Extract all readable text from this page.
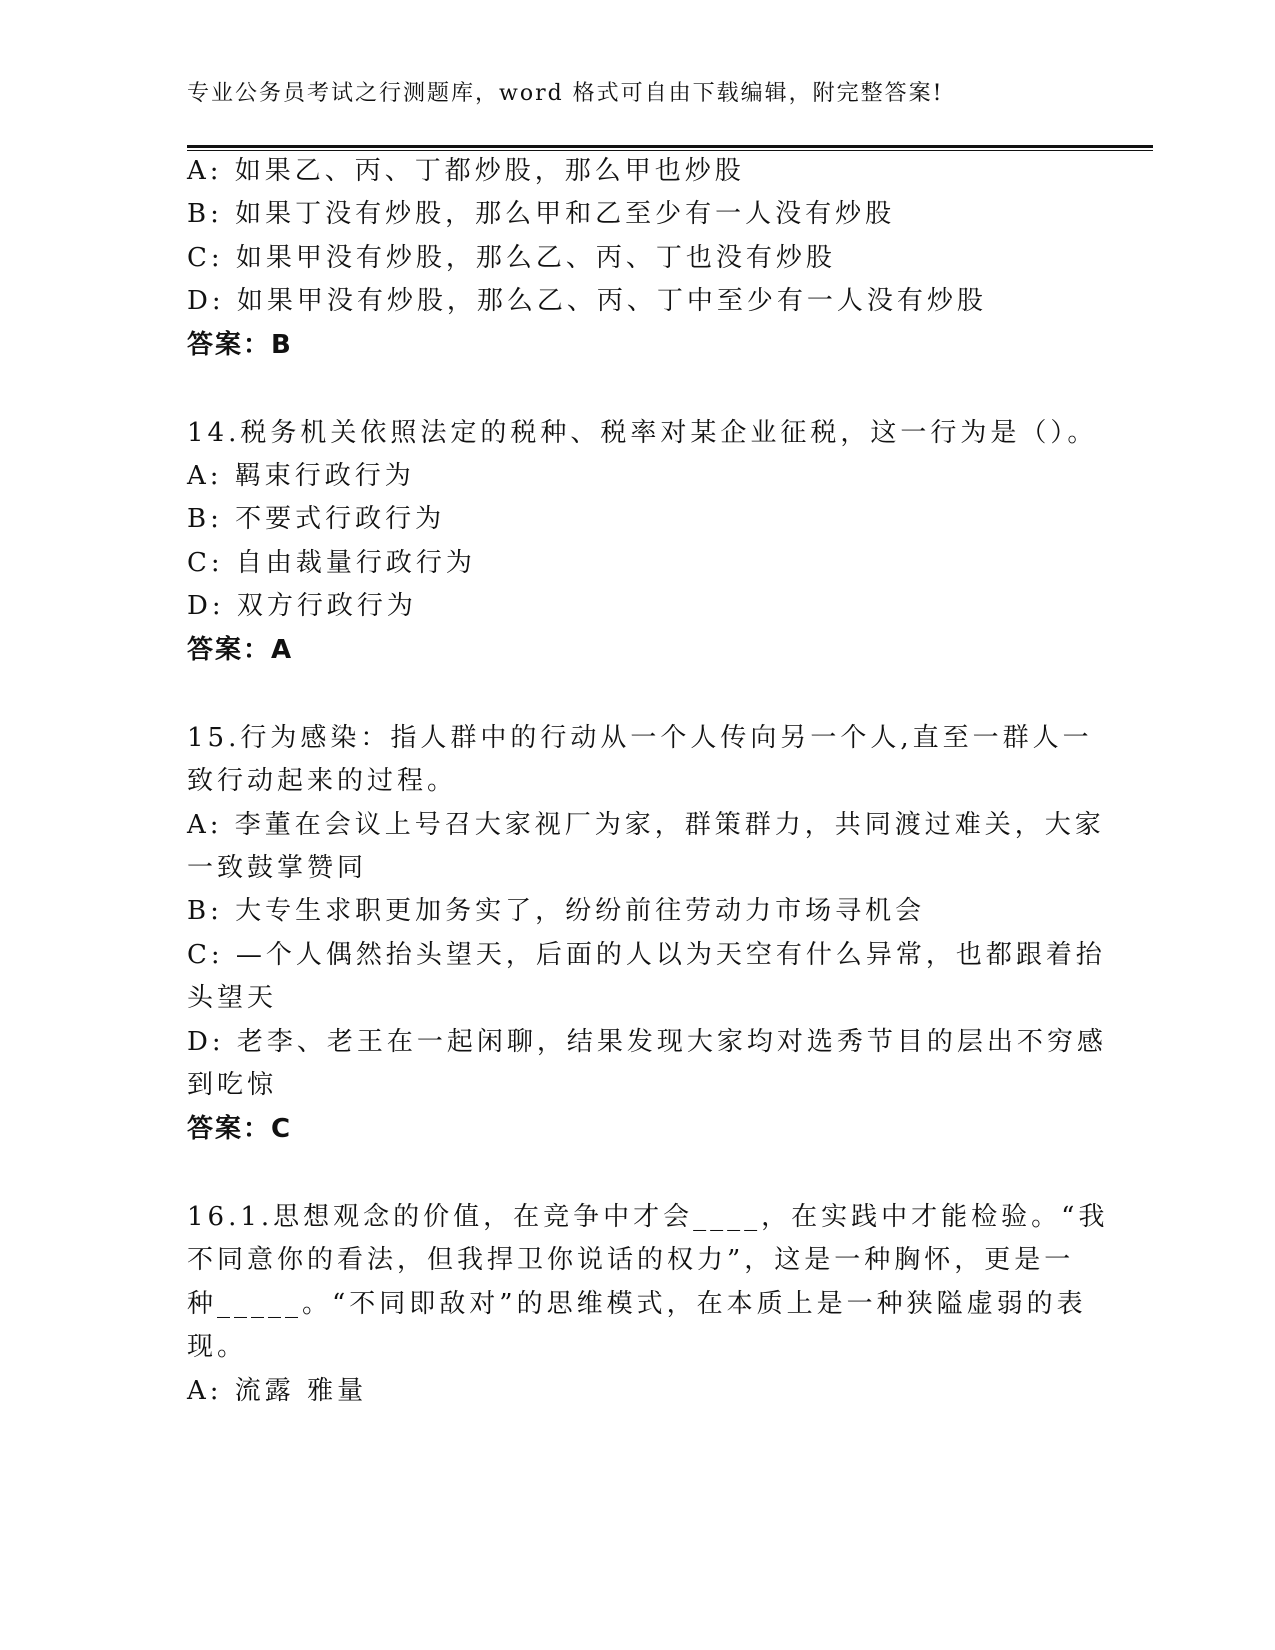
专业公务员考试之行测题库，word 格式可自由下载编辑，附完整答案!
A: 如果乙、丙、丁都炒股，那么甲也炒股
B: 如果丁没有炒股，那么甲和乙至少有一人没有炒股
C: 如果甲没有炒股，那么乙、丙、丁也没有炒股
D: 如果甲没有炒股，那么乙、丙、丁中至少有一人没有炒股
答案：B
14.税务机关依照法定的税种、税率对某企业征税，这一行为是（）。
A: 羁束行政行为
B: 不要式行政行为
C: 自由裁量行政行为
D: 双方行政行为
答案：A
15.行为感染：指人群中的行动从一个人传向另一个人,直至一群人一
致行动起来的过程。
A: 李董在会议上号召大家视厂为家，群策群力，共同渡过难关，大家
一致鼓掌赞同
B: 大专生求职更加务实了，纷纷前往劳动力市场寻机会
C: —个人偶然抬头望天，后面的人以为天空有什么异常，也都跟着抬
头望天
D: 老李、老王在一起闲聊，结果发现大家均对选秀节目的层出不穷感
到吃惊
答案：C
16.1.思想观念的价值，在竞争中才会____，在实践中才能检验。“我
不同意你的看法，但我捍卫你说话的权力”，这是一种胸怀，更是一
种_____。“不同即敌对”的思维模式，在本质上是一种狭隘虚弱的表
现。
A: 流露 雅量
